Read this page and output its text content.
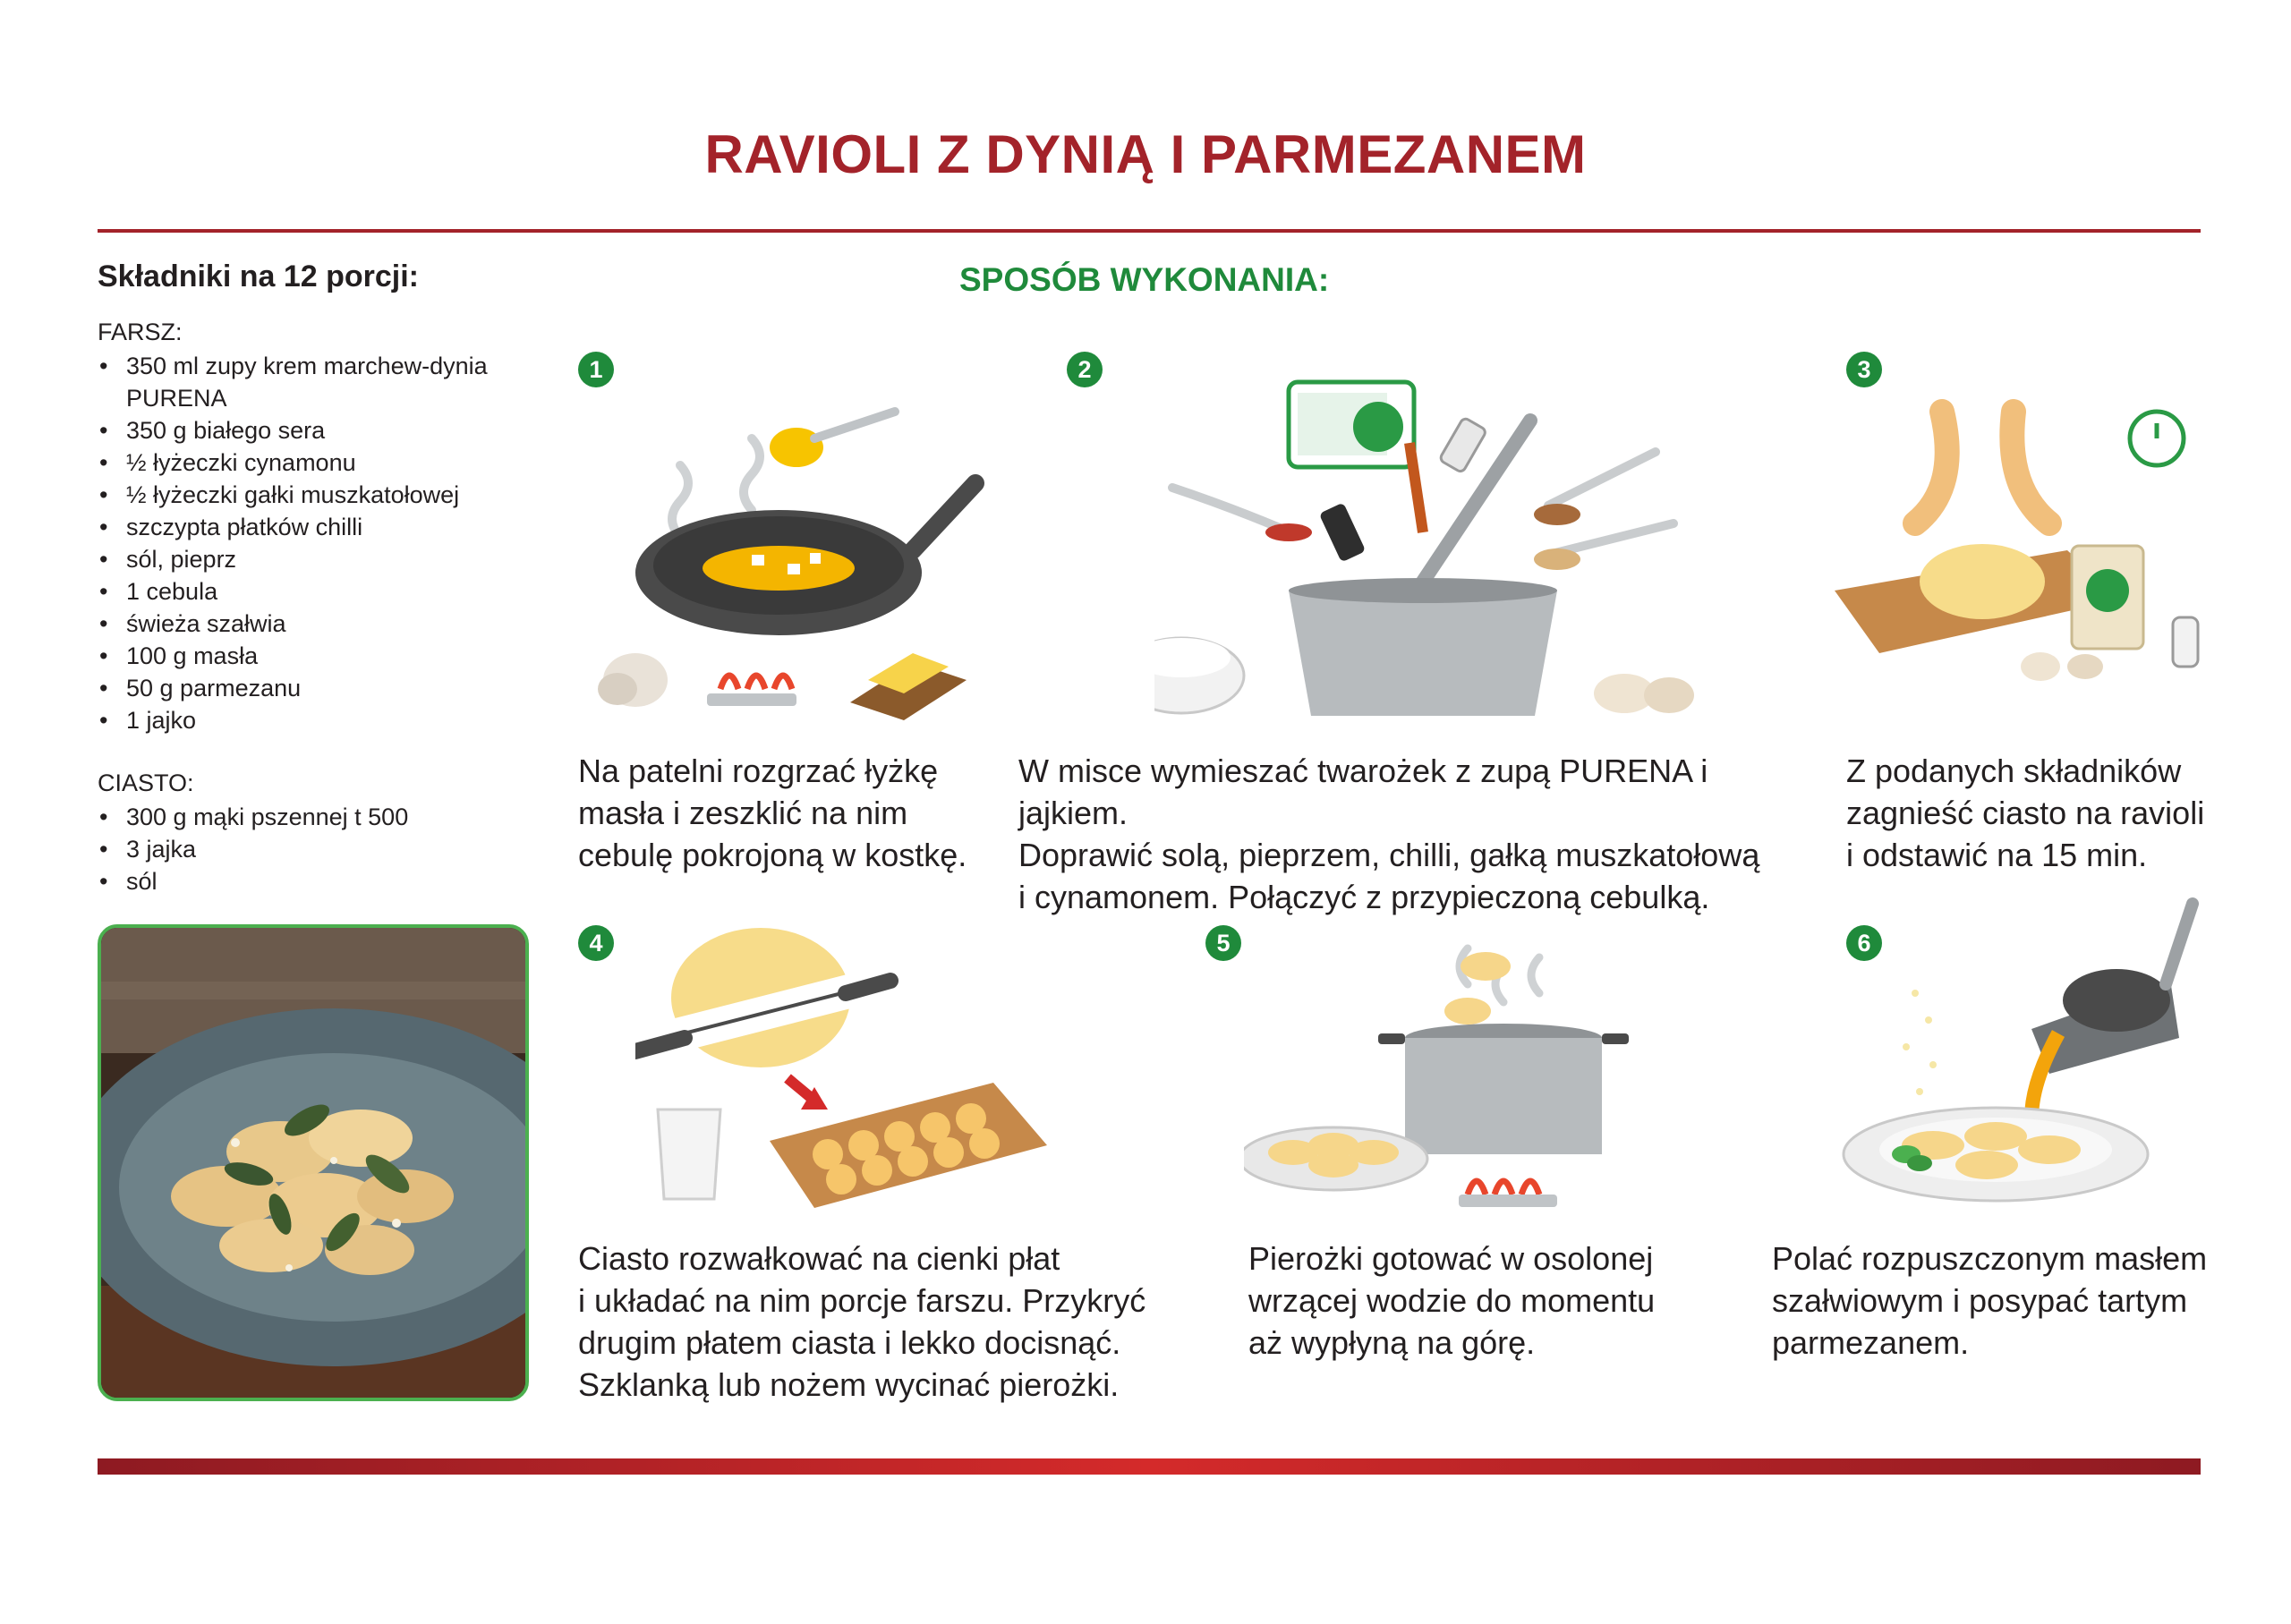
RAVIOLI Z DYNIĄ I PARMEZANEM
Składniki na 12 porcji:
FARSZ:
• 350 ml zupy krem marchew-dynia PURENA
• 350 g białego sera
• ½ łyżeczki cynamonu
• ½ łyżeczki gałki muszkatołowej
• szczypta płatków chilli
• sól, pieprz
• 1 cebula
• świeża szałwia
• 100 g masła
• 50 g parmezanu
• 1 jajko
CIASTO:
• 300 g mąki pszennej t 500
• 3 jajka
• sól
SPOSÓB WYKONANIA:
1	2	3
4	5	6
Na patelni rozgrzać łyżkę
masła i zeszklić na nim
cebulę pokrojoną w kostkę.
W misce wymieszać twarożek z zupą PURENA i jajkiem.
Doprawić solą, pieprzem, chilli, gałką muszkatołową
i cynamonem. Połączyć z przypieczoną cebulką.
Z podanych składników
zagnieść ciasto na ravioli
i odstawić na 15 min.
Ciasto rozwałkować na cienki płat
i układać na nim porcje farszu. Przykryć
drugim płatem ciasta i lekko docisnąć.
Szklanką lub nożem wycinać pierożki.
Pierożki gotować w osolonej
wrzącej wodzie do momentu
aż wypłyną na górę.
Polać rozpuszczonym masłem
szałwiowym i posypać tartym
parmezanem.
